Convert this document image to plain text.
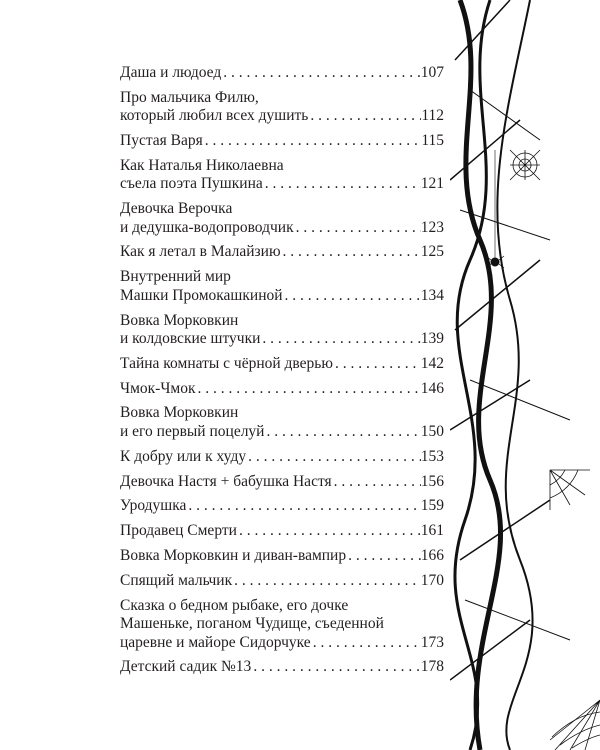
Даша и людоед . . .	107
Про мальчика Филю,
который любил всех душить . . .	112
Пустая Варя . . .	115
Как Наталья Николаевна
съела поэта Пушкина . . .	121
Девочка Верочка
и дедушка-водопроводчик . . .	123
Как я летал в Малайзию . . .	125
Внутренний мир
Машки Промокашкиной . . .	134
Вовка Морковкин
и колдовские штучки . . .	139
Тайна комнаты с чёрной дверью . . .	142
Чмок-Чмок . . .	146
Вовка Морковкин
и его первый поцелуй . . .	150
К добру или к худу . . .	153
Девочка Настя + бабушка Настя . . .	156
Уродушка . . .	159
Продавец Смерти . . .	161
Вовка Морковкин и диван-вампир . . .	166
Спящий мальчик . . .	170
Сказка о бедном рыбаке, его дочке
Машеньке, поганом Чудище, съеденной
царевне и майоре Сидорчуке . . .	173
Детский садик №13 . . .	178
